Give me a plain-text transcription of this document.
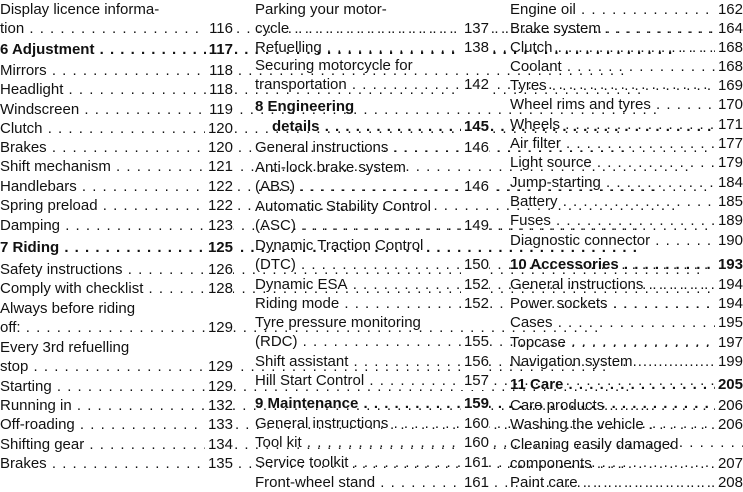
Display licence informa-
tion . . .	116
6 Adjustment . . .	117
Mirrors . . .	118
Headlight . . .	118
Windscreen . . .	119
Clutch . . .	120
Brakes . . .	120
Shift mechanism . . .	121
Handlebars . . .	122
Spring preload . . .	122
Damping . . .	123
7 Riding . . .	125
Safety instructions . . .	126
Comply with checklist . . .	128
Always before riding
off: . . .	129
Every 3rd refuelling
stop . . .	129
Starting . . .	129
Running in . . .	132
Off-roading . . .	133
Shifting gear . . .	134
Brakes . . .	135
Parking your motor-
cycle . . .	137
Refuelling . . .	138
Securing motorcycle for
transportation . . .	142
8 Engineering
details . . .	145
General instructions . . .	146
Anti-lock brake system
(ABS) . . .	146
Automatic Stability Control
(ASC) . . .	149
Dynamic Traction Control
(DTC) . . .	150
Dynamic ESA . . .	152
Riding mode . . .	152
Tyre pressure monitoring
(RDC) . . .	155
Shift assistant . . .	156
Hill Start Control . . .	157
9 Maintenance . . .	159
General instructions . . .	160
Tool kit . . .	160
Service toolkit . . .	161
Front-wheel stand . . .	161
Engine oil . . .	162
Brake system . . .	164
Clutch . . .	168
Coolant . . .	168
Tyres . . .	169
Wheel rims and tyres . . .	170
Wheels . . .	171
Air filter . . .	177
Light source . . .	179
Jump-starting . . .	184
Battery . . .	185
Fuses . . .	189
Diagnostic connector . . .	190
10 Accessories . . .	193
General instructions . . .	194
Power sockets . . .	194
Cases . . .	195
Topcase . . .	197
Navigation system . . .	199
11 Care . . .	205
Care products . . .	206
Washing the vehicle . . .	206
Cleaning easily damaged
components . . .	207
Paint care . . .	208
